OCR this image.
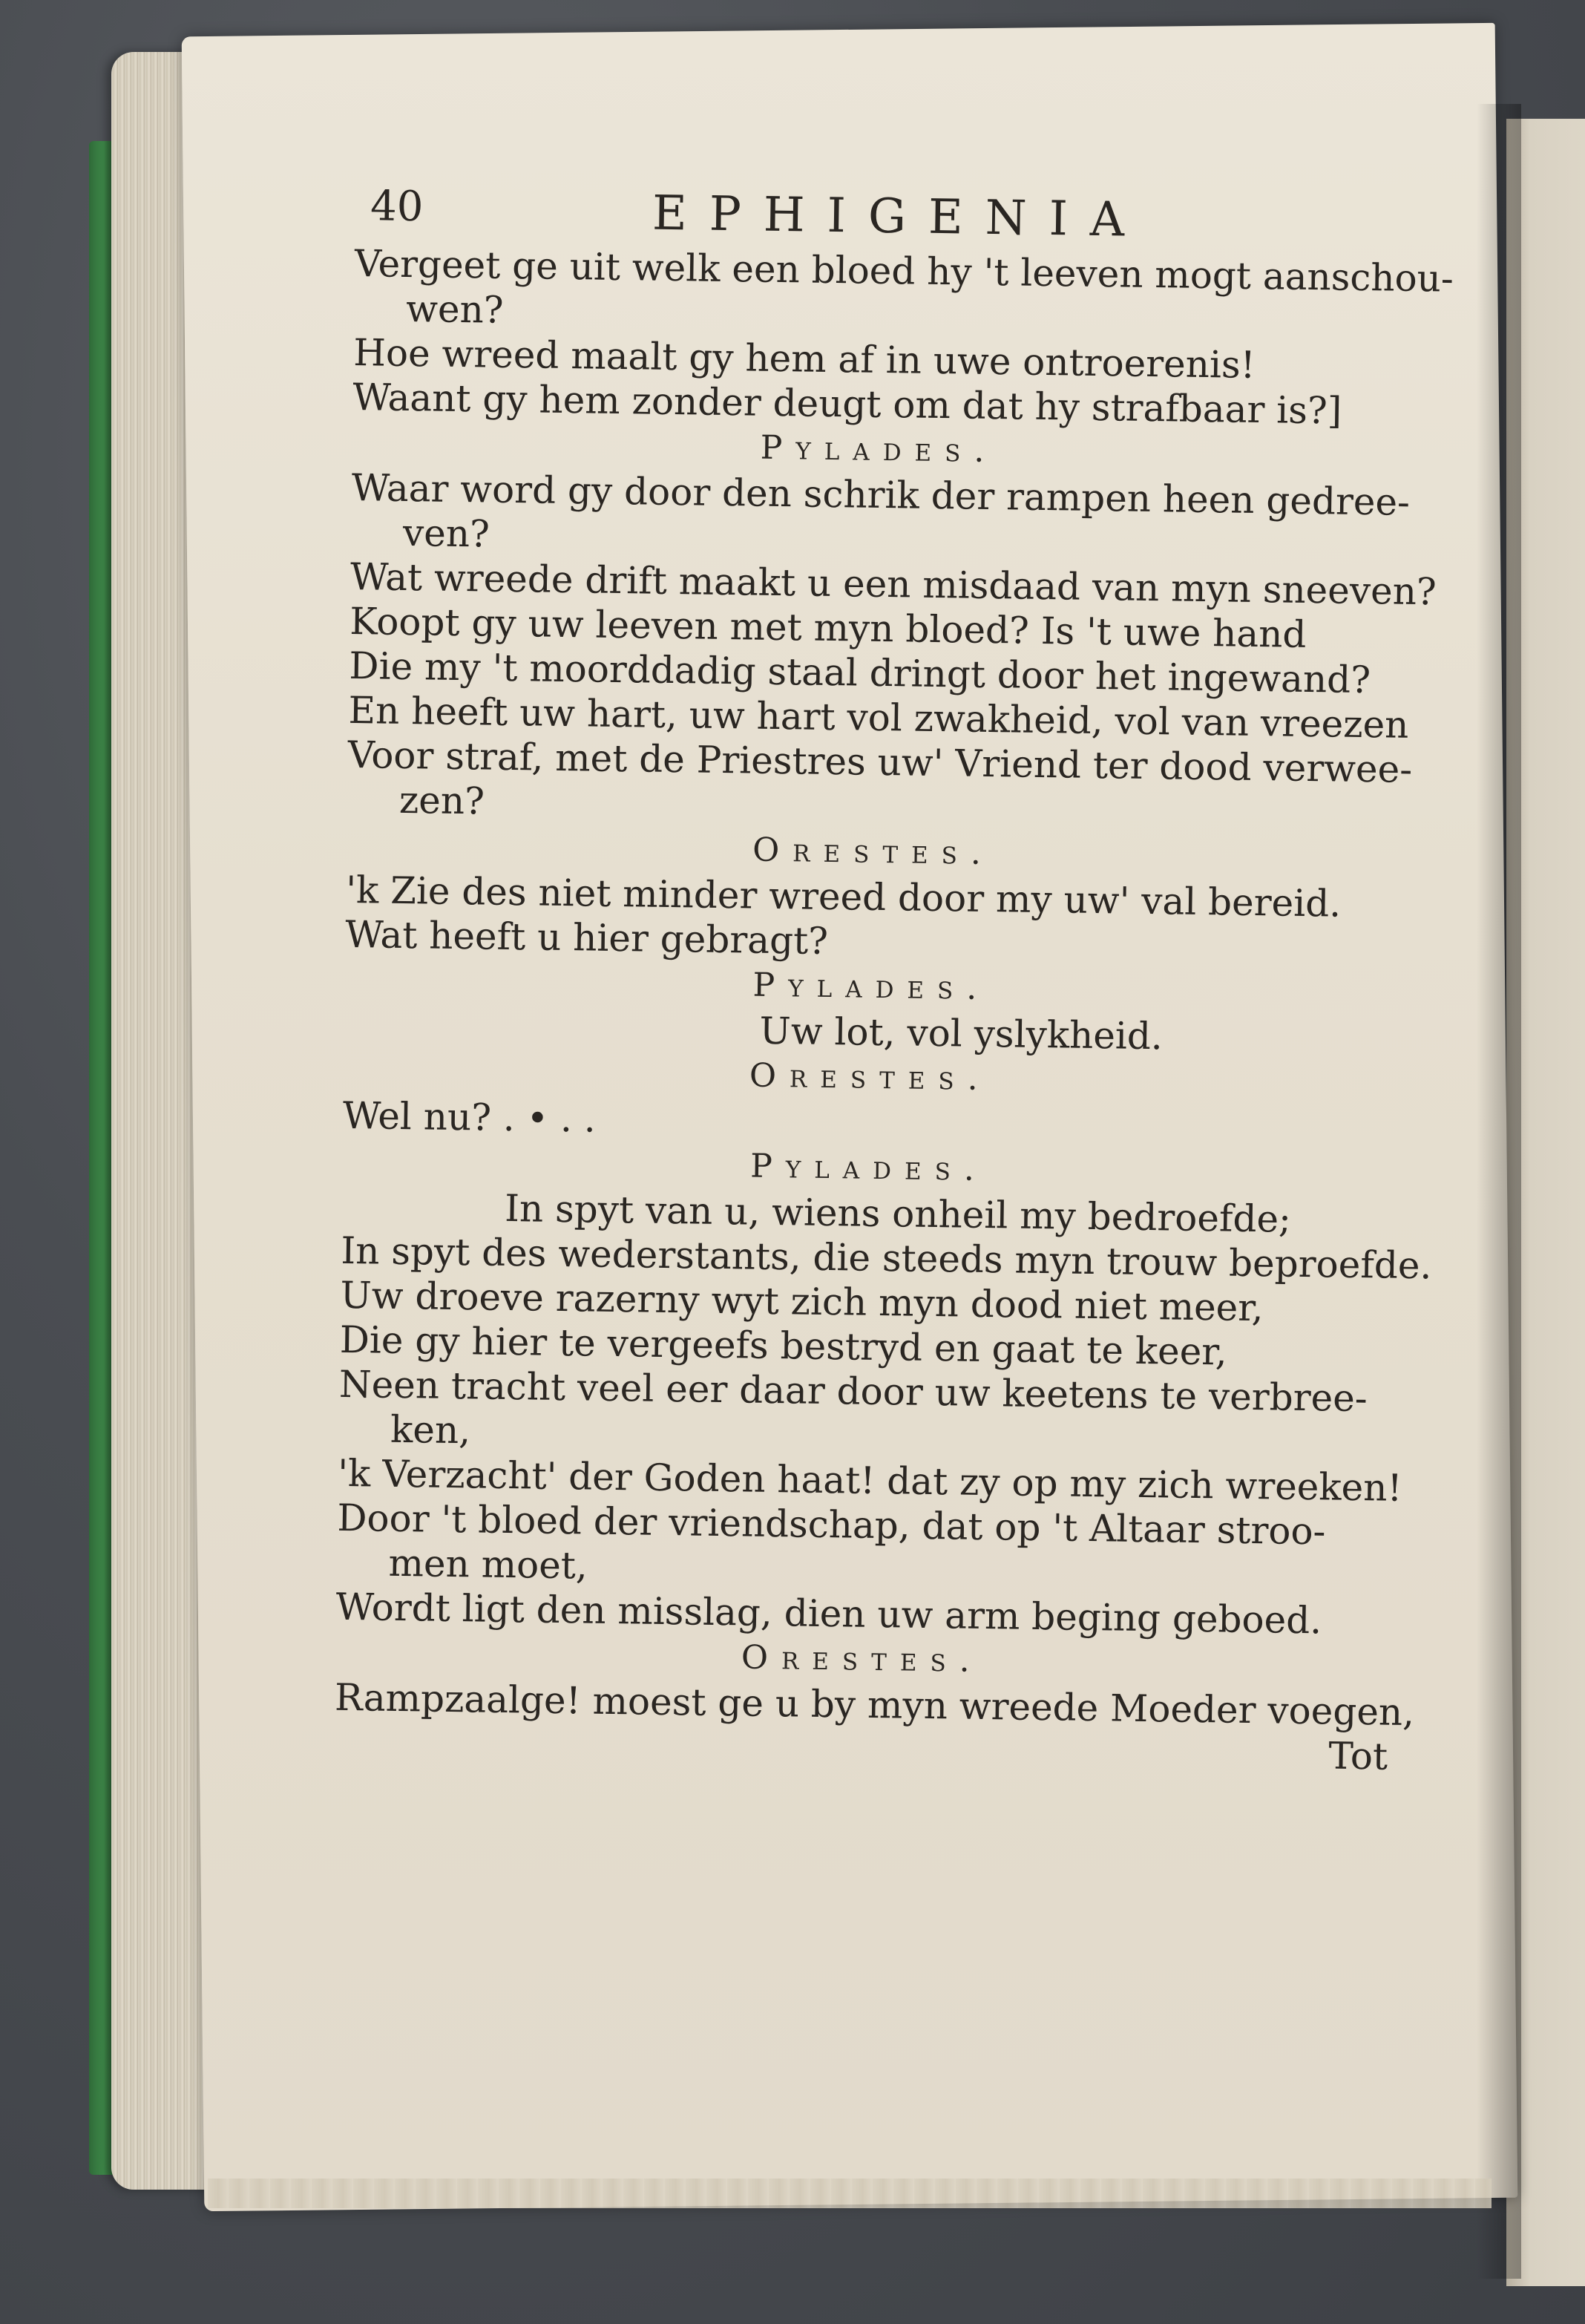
40	EPHIGENIA
Vergeet ge uit welk een bloed hy 't leeven mogt aanschou-
wen?
Hoe wreed maalt gy hem af in uwe ontroerenis!
Waant gy hem zonder deugt om dat hy strafbaar is?]
Pylades.
Waar word gy door den schrik der rampen heen gedree-
ven?
Wat wreede drift maakt u een misdaad van myn sneeven?
Koopt gy uw leeven met myn bloed? Is 't uwe hand
Die my 't moorddadig staal dringt door het ingewand?
En heeft uw hart, uw hart vol zwakheid, vol van vreezen
Voor straf, met de Priestres uw' Vriend ter dood verwee-
zen?
Orestes.
'k Zie des niet minder wreed door my uw' val bereid.
Wat heeft u hier gebragt?
Pylades.
Uw lot, vol yslykheid.
Orestes.
Wel nu? . • . .
Pylades.
In spyt van u, wiens onheil my bedroefde;
In spyt des wederstants, die steeds myn trouw beproefde.
Uw droeve razerny wyt zich myn dood niet meer,
Die gy hier te vergeefs bestryd en gaat te keer,
Neen tracht veel eer daar door uw keetens te verbree-
ken,
'k Verzacht' der Goden haat! dat zy op my zich wreeken!
Door 't bloed der vriendschap, dat op 't Altaar stroo-
men moet,
Wordt ligt den misslag, dien uw arm beging geboed.
Orestes.
Rampzaalge! moest ge u by myn wreede Moeder voegen,
Tot
